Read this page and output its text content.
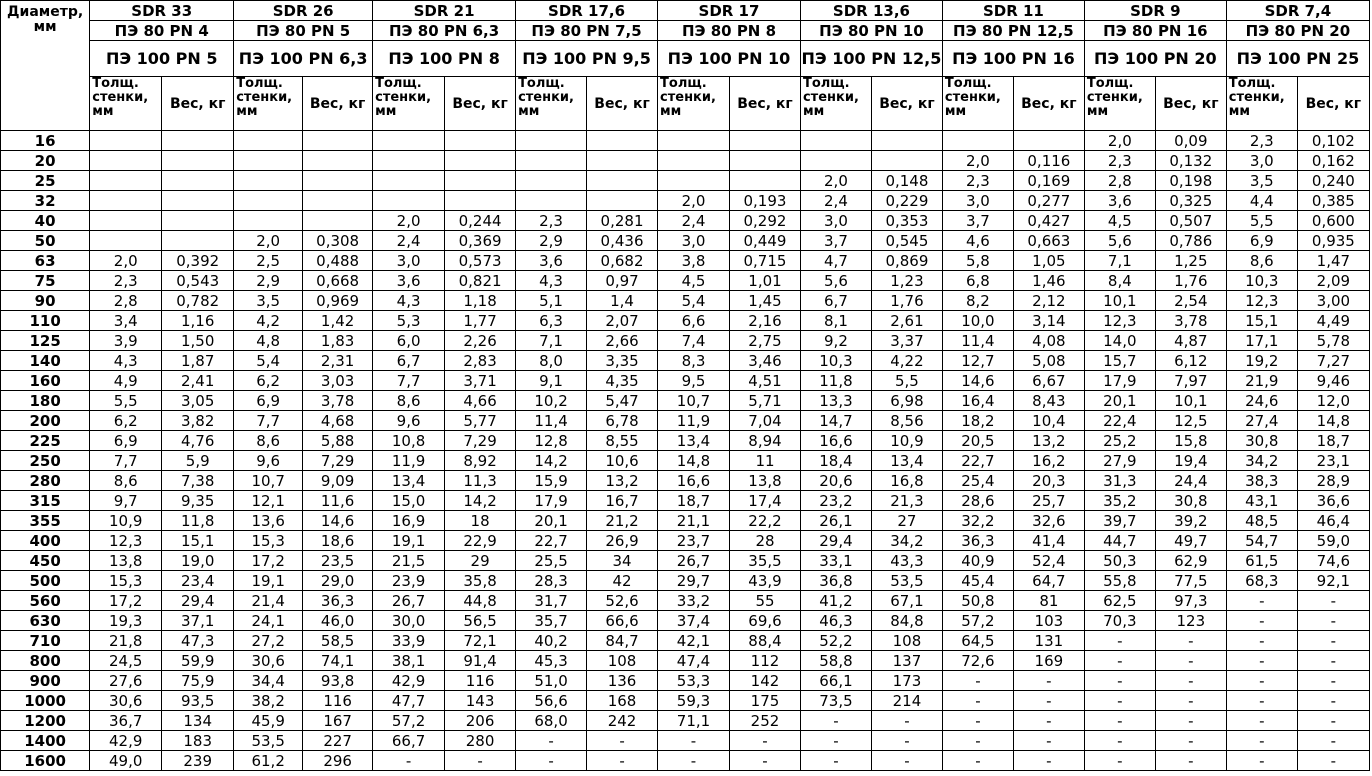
Диаметр,
мм	SDR 33		SDR 26		SDR 21		SDR 17,6		SDR 17		SDR 13,6		SDR 11		SDR 9		SDR 7,4	
	ПЭ 80 PN 4		ПЭ 80 PN 5		ПЭ 80 PN 6,3		ПЭ 80 PN 7,5		ПЭ 80 PN 8		ПЭ 80 PN 10		ПЭ 80 PN 12,5		ПЭ 80 PN 16		ПЭ 80 PN 20	
	ПЭ 100 PN 5		ПЭ 100 PN 6,3		ПЭ 100 PN 8		ПЭ 100 PN 9,5		ПЭ 100 PN 10		ПЭ 100 PN 12,5		ПЭ 100 PN 16		ПЭ 100 PN 20		ПЭ 100 PN 25	
	Толщ.
стенки,
мм	Вес, кг	Толщ.
стенки,
мм	Вес, кг	Толщ.
стенки,
мм	Вес, кг	Толщ.
стенки,
мм	Вес, кг	Толщ.
стенки,
мм	Вес, кг	Толщ.
стенки,
мм	Вес, кг	Толщ.
стенки,
мм	Вес, кг	Толщ.
стенки,
мм	Вес, кг	Толщ.
стенки,
мм	Вес, кг
16															2,0	0,09	2,3	0,102
20													2,0	0,116	2,3	0,132	3,0	0,162
25											2,0	0,148	2,3	0,169	2,8	0,198	3,5	0,240
32									2,0	0,193	2,4	0,229	3,0	0,277	3,6	0,325	4,4	0,385
40					2,0	0,244	2,3	0,281	2,4	0,292	3,0	0,353	3,7	0,427	4,5	0,507	5,5	0,600
50			2,0	0,308	2,4	0,369	2,9	0,436	3,0	0,449	3,7	0,545	4,6	0,663	5,6	0,786	6,9	0,935
63	2,0	0,392	2,5	0,488	3,0	0,573	3,6	0,682	3,8	0,715	4,7	0,869	5,8	1,05	7,1	1,25	8,6	1,47
75	2,3	0,543	2,9	0,668	3,6	0,821	4,3	0,97	4,5	1,01	5,6	1,23	6,8	1,46	8,4	1,76	10,3	2,09
90	2,8	0,782	3,5	0,969	4,3	1,18	5,1	1,4	5,4	1,45	6,7	1,76	8,2	2,12	10,1	2,54	12,3	3,00
110	3,4	1,16	4,2	1,42	5,3	1,77	6,3	2,07	6,6	2,16	8,1	2,61	10,0	3,14	12,3	3,78	15,1	4,49
125	3,9	1,50	4,8	1,83	6,0	2,26	7,1	2,66	7,4	2,75	9,2	3,37	11,4	4,08	14,0	4,87	17,1	5,78
140	4,3	1,87	5,4	2,31	6,7	2,83	8,0	3,35	8,3	3,46	10,3	4,22	12,7	5,08	15,7	6,12	19,2	7,27
160	4,9	2,41	6,2	3,03	7,7	3,71	9,1	4,35	9,5	4,51	11,8	5,5	14,6	6,67	17,9	7,97	21,9	9,46
180	5,5	3,05	6,9	3,78	8,6	4,66	10,2	5,47	10,7	5,71	13,3	6,98	16,4	8,43	20,1	10,1	24,6	12,0
200	6,2	3,82	7,7	4,68	9,6	5,77	11,4	6,78	11,9	7,04	14,7	8,56	18,2	10,4	22,4	12,5	27,4	14,8
225	6,9	4,76	8,6	5,88	10,8	7,29	12,8	8,55	13,4	8,94	16,6	10,9	20,5	13,2	25,2	15,8	30,8	18,7
250	7,7	5,9	9,6	7,29	11,9	8,92	14,2	10,6	14,8	11	18,4	13,4	22,7	16,2	27,9	19,4	34,2	23,1
280	8,6	7,38	10,7	9,09	13,4	11,3	15,9	13,2	16,6	13,8	20,6	16,8	25,4	20,3	31,3	24,4	38,3	28,9
315	9,7	9,35	12,1	11,6	15,0	14,2	17,9	16,7	18,7	17,4	23,2	21,3	28,6	25,7	35,2	30,8	43,1	36,6
355	10,9	11,8	13,6	14,6	16,9	18	20,1	21,2	21,1	22,2	26,1	27	32,2	32,6	39,7	39,2	48,5	46,4
400	12,3	15,1	15,3	18,6	19,1	22,9	22,7	26,9	23,7	28	29,4	34,2	36,3	41,4	44,7	49,7	54,7	59,0
450	13,8	19,0	17,2	23,5	21,5	29	25,5	34	26,7	35,5	33,1	43,3	40,9	52,4	50,3	62,9	61,5	74,6
500	15,3	23,4	19,1	29,0	23,9	35,8	28,3	42	29,7	43,9	36,8	53,5	45,4	64,7	55,8	77,5	68,3	92,1
560	17,2	29,4	21,4	36,3	26,7	44,8	31,7	52,6	33,2	55	41,2	67,1	50,8	81	62,5	97,3	-	-
630	19,3	37,1	24,1	46,0	30,0	56,5	35,7	66,6	37,4	69,6	46,3	84,8	57,2	103	70,3	123	-	-
710	21,8	47,3	27,2	58,5	33,9	72,1	40,2	84,7	42,1	88,4	52,2	108	64,5	131	-	-	-	-
800	24,5	59,9	30,6	74,1	38,1	91,4	45,3	108	47,4	112	58,8	137	72,6	169	-	-	-	-
900	27,6	75,9	34,4	93,8	42,9	116	51,0	136	53,3	142	66,1	173	-	-	-	-	-	-
1000	30,6	93,5	38,2	116	47,7	143	56,6	168	59,3	175	73,5	214	-	-	-	-	-	-
1200	36,7	134	45,9	167	57,2	206	68,0	242	71,1	252	-	-	-	-	-	-	-	-
1400	42,9	183	53,5	227	66,7	280	-	-	-	-	-	-	-	-	-	-	-	-
1600	49,0	239	61,2	296	-	-	-	-	-	-	-	-	-	-	-	-	-	-
